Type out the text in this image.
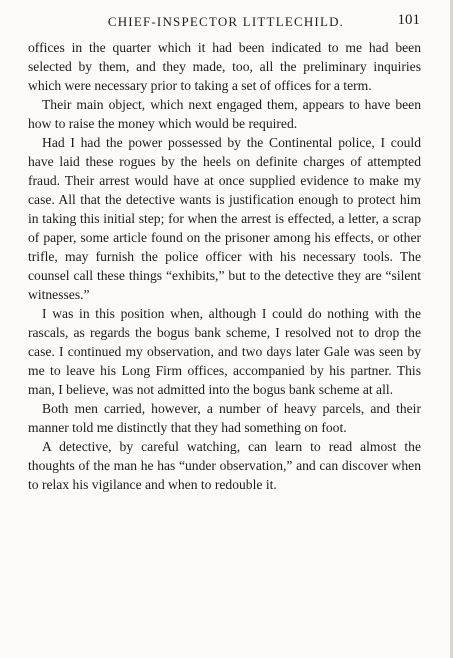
CHIEF-INSPECTOR LITTLECHILD.	101

offices in the quarter which it had been indicated to me had been selected by them, and they made, too, all the preliminary inquiries which were necessary prior to taking a set of offices for a term.

Their main object, which next engaged them, appears to have been how to raise the money which would be required.

Had I had the power possessed by the Continental police, I could have laid these rogues by the heels on definite charges of attempted fraud. Their arrest would have at once supplied evidence to make my case. All that the detective wants is justification enough to protect him in taking this initial step; for when the arrest is effected, a letter, a scrap of paper, some article found on the prisoner among his effects, or other trifle, may furnish the police officer with his necessary tools. The counsel call these things “exhibits,” but to the detective they are “silent witnesses.”

I was in this position when, although I could do nothing with the rascals, as regards the bogus bank scheme, I resolved not to drop the case. I continued my observation, and two days later Gale was seen by me to leave his Long Firm offices, accompanied by his partner. This man, I believe, was not admitted into the bogus bank scheme at all.

Both men carried, however, a number of heavy parcels, and their manner told me distinctly that they had something on foot.

A detective, by careful watching, can learn to read almost the thoughts of the man he has “under observation,” and can discover when to relax his vigilance and when to redouble it.
